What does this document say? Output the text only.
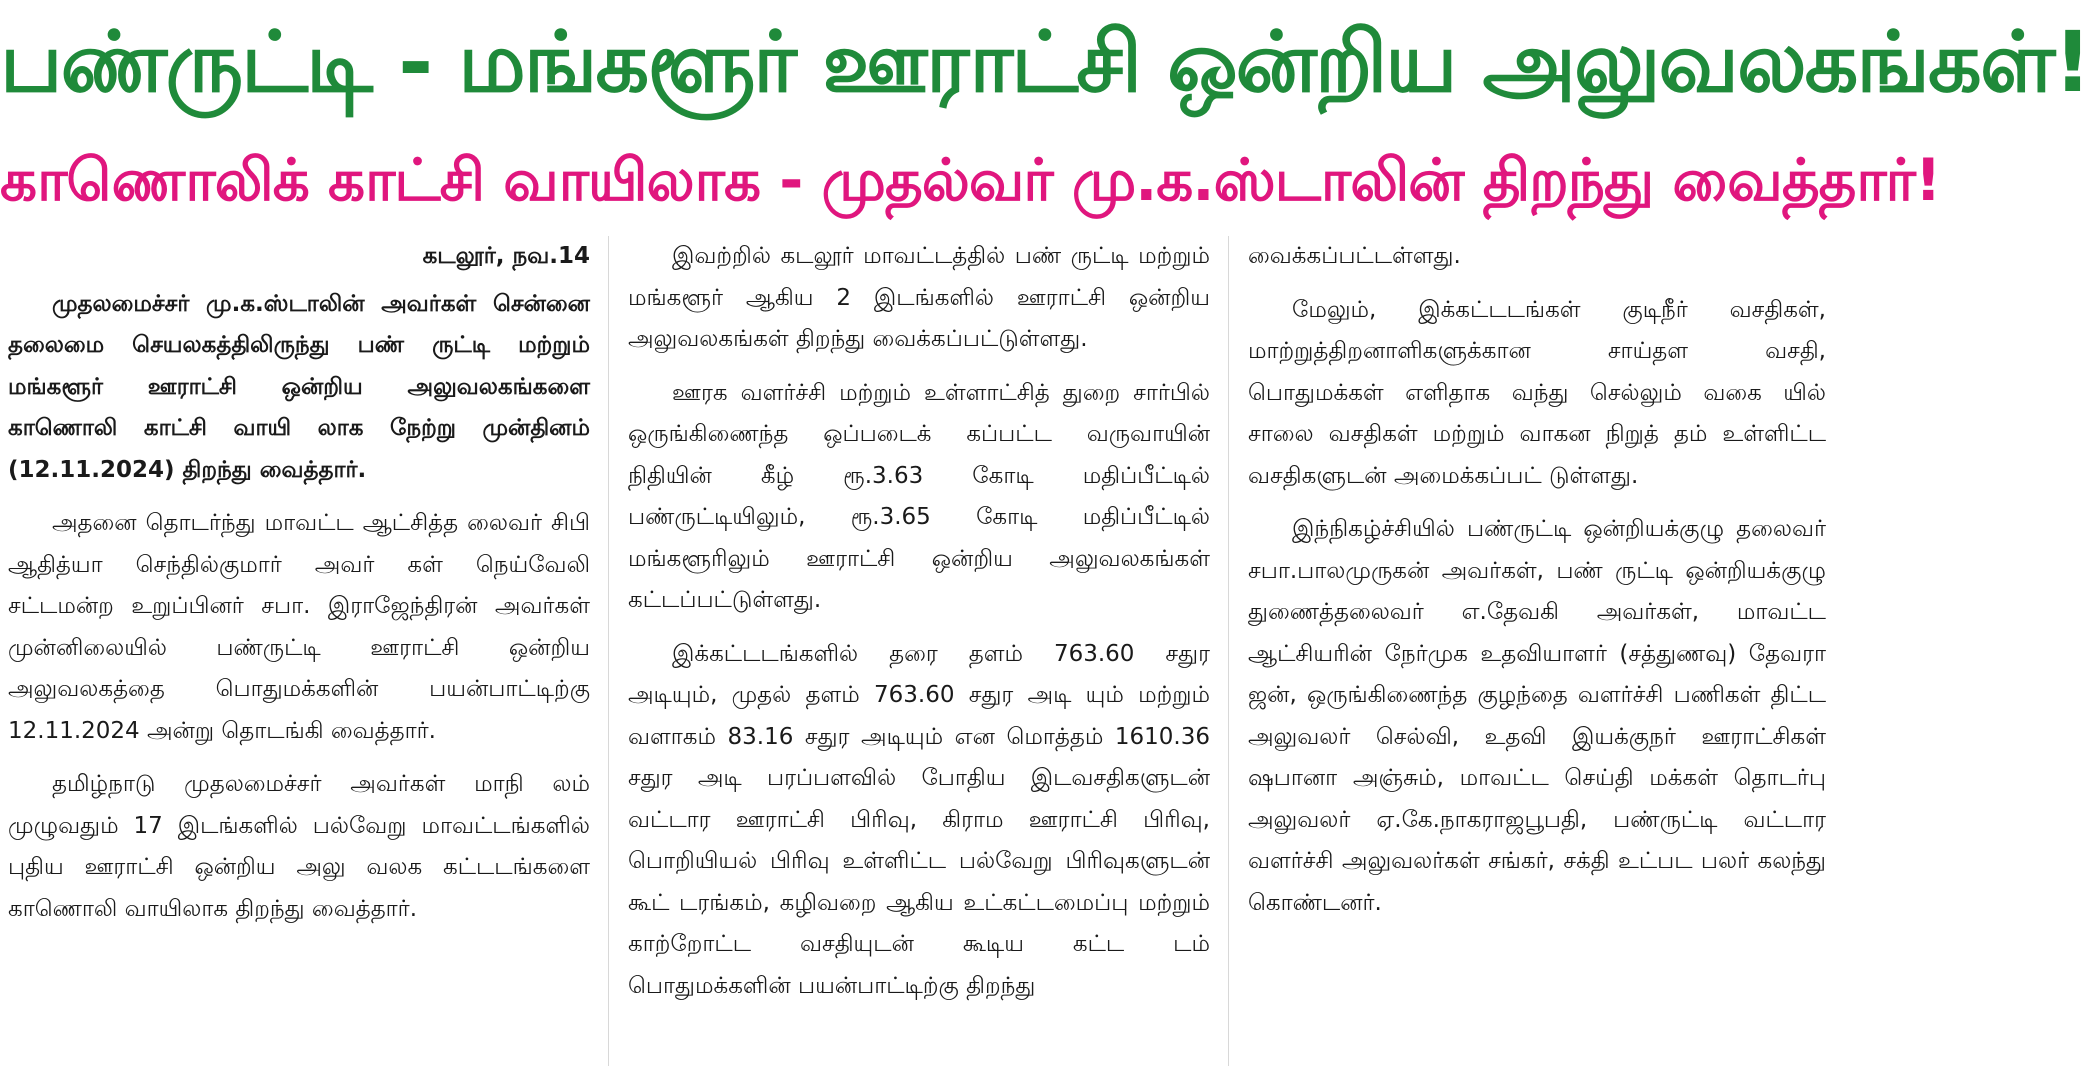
பண்ருட்டி - மங்களூர் ஊராட்சி ஒன்றிய அலுவலகங்கள்!
காணொலிக் காட்சி வாயிலாக - முதல்வர் மு.க.ஸ்டாலின் திறந்து வைத்தார்!
கடலூர், நவ.14

முதலமைச்சர் மு.க.ஸ்டாலின் அவர்கள் சென்னை தலைமை செயலகத்திலிருந்து பண் ருட்டி மற்றும் மங்களூர் ஊராட்சி ஒன்றிய அலுவலகங்களை காணொலி காட்சி வாயி லாக நேற்று முன்தினம் (12.11.2024) திறந்து வைத்தார்.

அதனை தொடர்ந்து மாவட்ட ஆட்சித்த லைவர் சிபி ஆதித்யா செந்தில்குமார் அவர் கள் நெய்வேலி சட்டமன்ற உறுப்பினர் சபா. இராஜேந்திரன் அவர்கள் முன்னிலையில் பண்ருட்டி ஊராட்சி ஒன்றிய அலுவலகத்தை பொதுமக்களின் பயன்பாட்டிற்கு 12.11.2024 அன்று தொடங்கி வைத்தார்.

தமிழ்நாடு முதலமைச்சர் அவர்கள் மாநி லம் முழுவதும் 17 இடங்களில் பல்வேறு மாவட்டங்களில் புதிய ஊராட்சி ஒன்றிய அலு வலக கட்டடங்களை காணொலி வாயிலாக திறந்து வைத்தார்.

இவற்றில் கடலூர் மாவட்டத்தில் பண் ருட்டி மற்றும் மங்களூர் ஆகிய 2 இடங்களில் ஊராட்சி ஒன்றிய அலுவலகங்கள் திறந்து வைக்கப்பட்டுள்ளது.

ஊரக வளர்ச்சி மற்றும் உள்ளாட்சித் துறை சார்பில் ஒருங்கிணைந்த ஒப்படைக் கப்பட்ட வருவாயின் நிதியின் கீழ் ரூ.3.63 கோடி மதிப்பீட்டில் பண்ருட்டியிலும், ரூ.3.65 கோடி மதிப்பீட்டில் மங்களூரிலும் ஊராட்சி ஒன்றிய அலுவலகங்கள் கட்டப்பட்டுள்ளது.

இக்கட்டடங்களில் தரை தளம் 763.60 சதுர அடியும், முதல் தளம் 763.60 சதுர அடி யும் மற்றும் வளாகம் 83.16 சதுர அடியும் என மொத்தம் 1610.36 சதுர அடி பரப்பளவில் போதிய இடவசதிகளுடன் வட்டார ஊராட்சி பிரிவு, கிராம ஊராட்சி பிரிவு, பொறியியல் பிரிவு உள்ளிட்ட பல்வேறு பிரிவுகளுடன் கூட் டரங்கம், கழிவறை ஆகிய உட்கட்டமைப்பு மற்றும் காற்றோட்ட வசதியுடன் கூடிய கட்ட டம் பொதுமக்களின் பயன்பாட்டிற்கு திறந்து

வைக்கப்பட்டள்ளது.

மேலும், இக்கட்டடங்கள் குடிநீர் வசதிகள், மாற்றுத்திறனாளிகளுக்கான சாய்தள வசதி, பொதுமக்கள் எளிதாக வந்து செல்லும் வகை யில் சாலை வசதிகள் மற்றும் வாகன நிறுத் தம் உள்ளிட்ட வசதிகளுடன் அமைக்கப்பட் டுள்ளது.

இந்நிகழ்ச்சியில் பண்ருட்டி ஒன்றியக்குழு தலைவர் சபா.பாலமுருகன் அவர்கள், பண் ருட்டி ஒன்றியக்குழு துணைத்தலைவர் எ.தேவகி அவர்கள், மாவட்ட ஆட்சியரின் நேர்முக உதவியாளர் (சத்துணவு) தேவரா ஜன், ஒருங்கிணைந்த குழந்தை வளர்ச்சி பணிகள் திட்ட அலுவலர் செல்வி, உதவி இயக்குநர் ஊராட்சிகள் ஷபானா அஞ்சும், மாவட்ட செய்தி மக்கள் தொடர்பு அலுவலர் ஏ.கே.நாகராஜபூபதி, பண்ருட்டி வட்டார வளர்ச்சி அலுவலர்கள் சங்கர், சக்தி உட்பட பலர் கலந்து கொண்டனர்.
